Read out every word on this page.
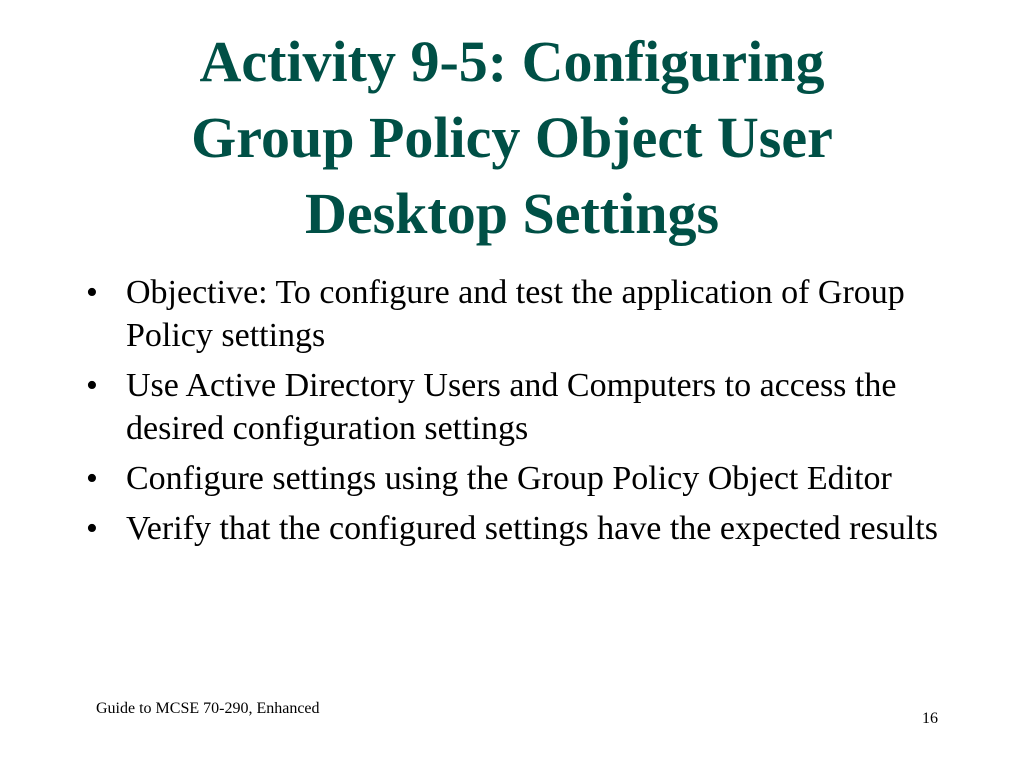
Activity 9-5: Configuring
Group Policy Object User
Desktop Settings
• Objective: To configure and test the application of Group Policy settings
• Use Active Directory Users and Computers to access the desired configuration settings
• Configure settings using the Group Policy Object Editor
• Verify that the configured settings have the expected results
Guide to MCSE 70-290, Enhanced
16
